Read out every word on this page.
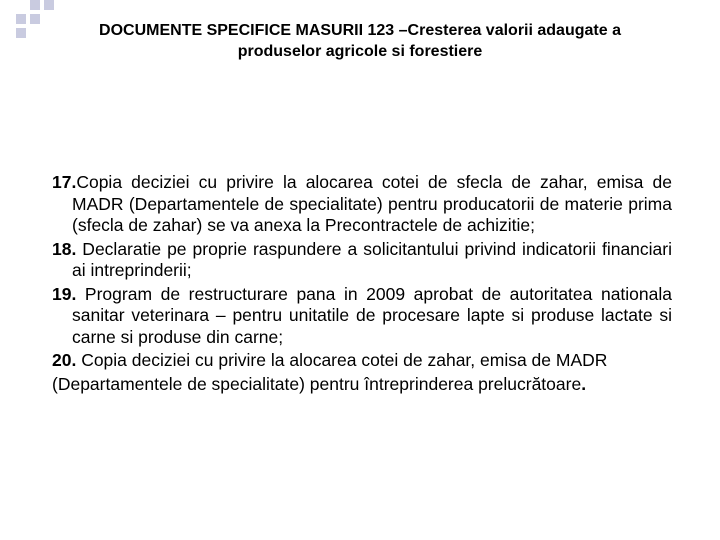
DOCUMENTE SPECIFICE MASURII 123 –Cresterea valorii adaugate a
produselor agricole si forestiere

17.Copia deciziei cu privire la alocarea cotei de sfecla de zahar, emisa de MADR (Departamentele de specialitate) pentru producatorii de materie prima (sfecla de zahar) se va anexa la Precontractele de achizitie;

18. Declaratie pe proprie raspundere a solicitantului privind indicatorii financiari ai intreprinderii;

19. Program de restructurare pana in 2009 aprobat de autoritatea nationala sanitar veterinara – pentru unitatile de procesare lapte si produse lactate si carne si produse din carne;

20. Copia deciziei cu privire la alocarea cotei de zahar, emisa de MADR

(Departamentele de specialitate) pentru întreprinderea prelucrătoare.
